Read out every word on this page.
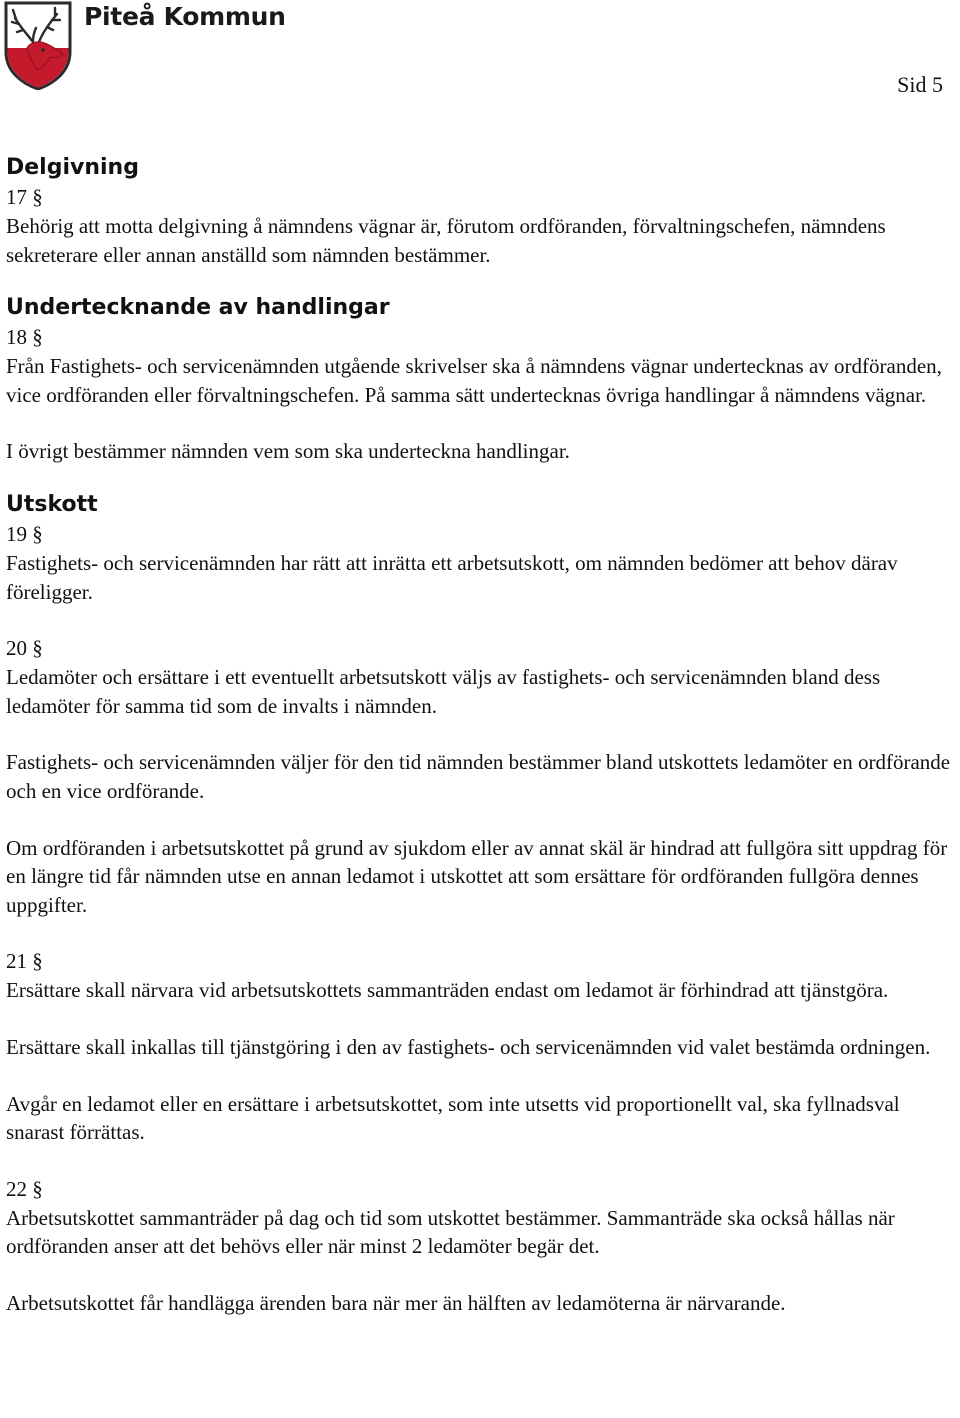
Piteå Kommun
Sid 5
Delgivning
17 §

Behörig att motta delgivning å nämndens vägnar är, förutom ordföranden, förvaltningschefen, nämndens sekreterare eller annan anställd som nämnden bestämmer.

Undertecknande av handlingar
18 §

Från Fastighets- och servicenämnden utgående skrivelser ska å nämndens vägnar undertecknas av ordföranden, vice ordföranden eller förvaltningschefen. På samma sätt undertecknas övriga handlingar å nämndens vägnar.

I övrigt bestämmer nämnden vem som ska underteckna handlingar.

Utskott
19 §

Fastighets- och servicenämnden har rätt att inrätta ett arbetsutskott, om nämnden bedömer att behov därav föreligger.

20 §

Ledamöter och ersättare i ett eventuellt arbetsutskott väljs av fastighets- och servicenämnden bland dess ledamöter för samma tid som de invalts i nämnden.

Fastighets- och servicenämnden väljer för den tid nämnden bestämmer bland utskottets ledamöter en ordförande och en vice ordförande.

Om ordföranden i arbetsutskottet på grund av sjukdom eller av annat skäl är hindrad att fullgöra sitt uppdrag för en längre tid får nämnden utse en annan ledamot i utskottet att som ersättare för ordföranden fullgöra dennes uppgifter.

21 §

Ersättare skall närvara vid arbetsutskottets sammanträden endast om ledamot är förhindrad att tjänstgöra.

Ersättare skall inkallas till tjänstgöring i den av fastighets- och servicenämnden vid valet bestämda ordningen.

Avgår en ledamot eller en ersättare i arbetsutskottet, som inte utsetts vid proportionellt val, ska fyllnadsval snarast förrättas.

22 §

Arbetsutskottet sammanträder på dag och tid som utskottet bestämmer. Sammanträde ska också hållas när ordföranden anser att det behövs eller när minst 2 ledamöter begär det.

Arbetsutskottet får handlägga ärenden bara när mer än hälften av ledamöterna är närvarande.
